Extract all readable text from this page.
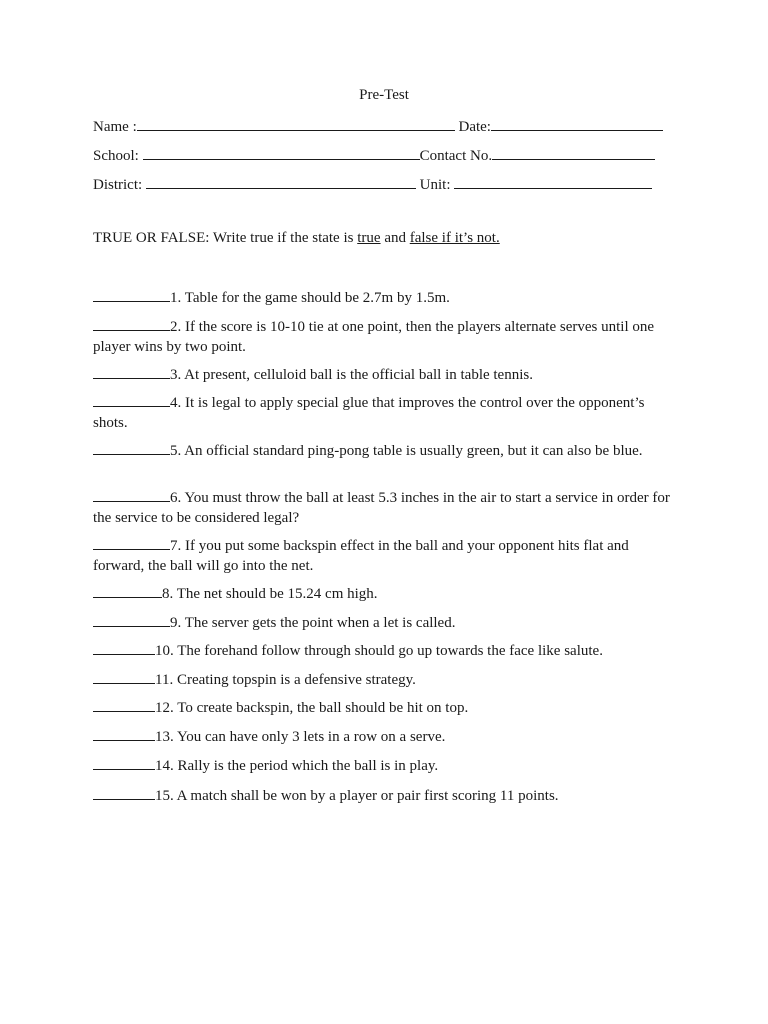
Pre-Test
Name :	Date:
School:	Contact No.
District:	Unit:
TRUE OR FALSE: Write true if the state is true and false if it’s not.
1. Table for the game should be 2.7m by 1.5m.
2. If the score is 10-10 tie at one point, then the players alternate serves until one player wins by two point.
3. At present, celluloid ball is the official ball in table tennis.
4. It is legal to apply special glue that improves the control over the opponent’s shots.
5. An official standard ping-pong table is usually green, but it can also be blue.
6. You must throw the ball at least 5.3 inches in the air to start a service in order for the service to be considered legal?
7. If you put some backspin effect in the ball and your opponent hits flat and forward, the ball will go into the net.
8. The net should be 15.24 cm high.
9. The server gets the point when a let is called.
10. The forehand follow through should go up towards the face like salute.
11. Creating topspin is a defensive strategy.
12. To create backspin, the ball should be hit on top.
13. You can have only 3 lets in a row on a serve.
14. Rally is the period which the ball is in play.
15. A match shall be won by a player or pair first scoring 11 points.
